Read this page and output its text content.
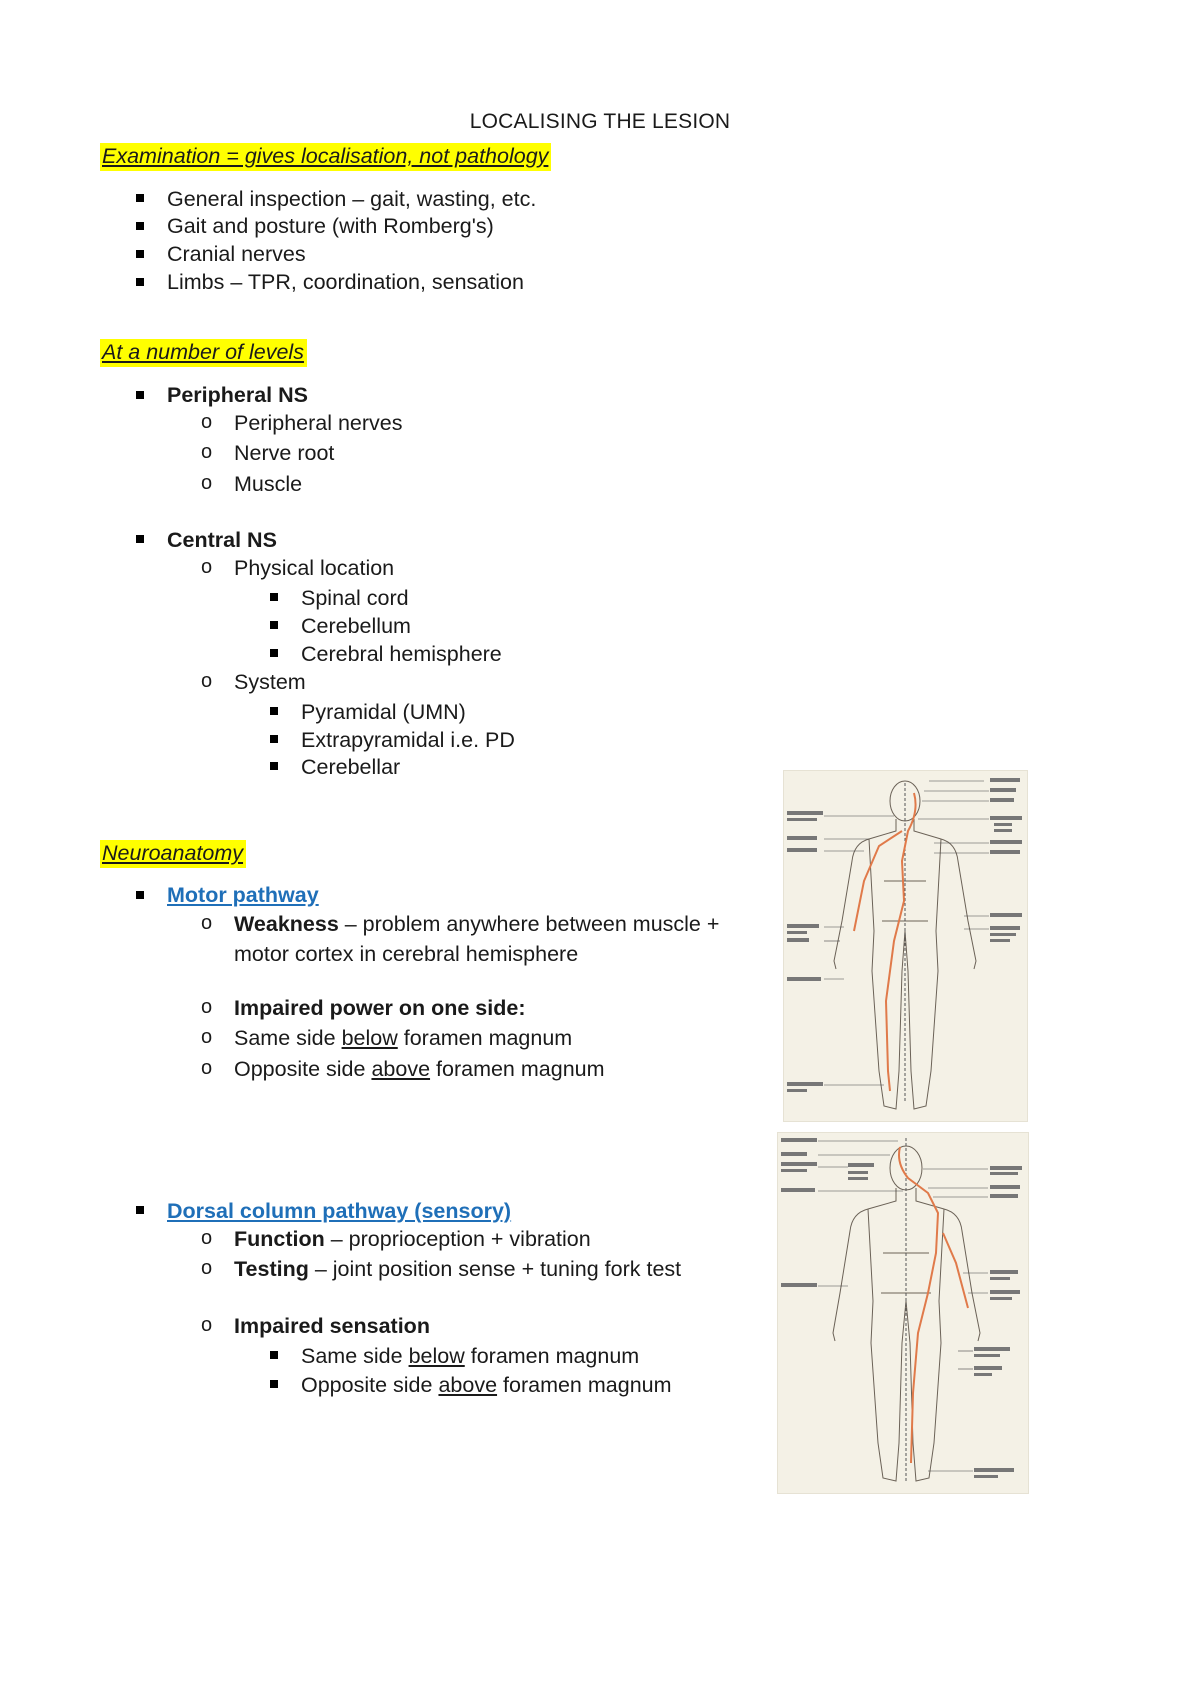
LOCALISING THE LESION
Examination = gives localisation, not pathology
General inspection – gait, wasting, etc.
Gait and posture (with Romberg's)
Cranial nerves
Limbs – TPR, coordination, sensation
At a number of levels
Peripheral NS
o Peripheral nerves
o Nerve root
o Muscle
Central NS
o Physical location
Spinal cord
Cerebellum
Cerebral hemisphere
o System
Pyramidal (UMN)
Extrapyramidal i.e. PD
Cerebellar
Neuroanatomy
Motor pathway
o Weakness – problem anywhere between muscle +
motor cortex in cerebral hemisphere
o Impaired power on one side:
o Same side below foramen magnum
o Opposite side above foramen magnum
Dorsal column pathway (sensory)
o Function – proprioception + vibration
o Testing – joint position sense + tuning fork test
o Impaired sensation
Same side below foramen magnum
Opposite side above foramen magnum
